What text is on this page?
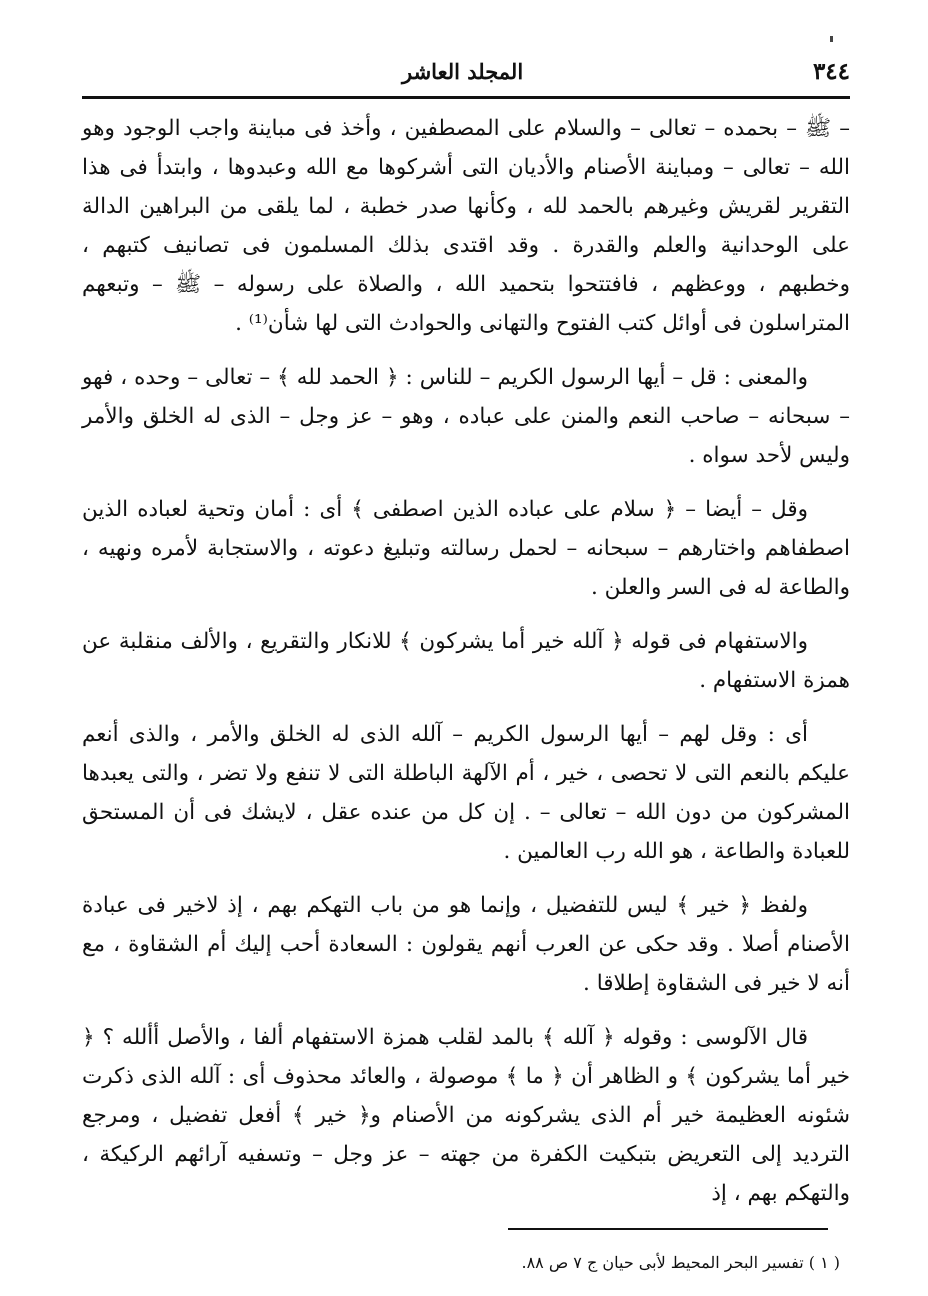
٣٤٤
المجلد العاشر

– ﷺ – بحمده – تعالى – والسلام على المصطفين ، وأخذ فى مباينة واجب الوجود وهو الله – تعالى – ومباينة الأصنام والأديان التى أشركوها مع الله وعبدوها ، وابتدأ فى هذا التقرير لقريش وغيرهم بالحمد لله ، وكأنها صدر خطبة ، لما يلقى من البراهين الدالة على الوحدانية والعلم والقدرة . وقد اقتدى بذلك المسلمون فى تصانيف كتبهم ، وخطبهم ، ووعظهم ، فافتتحوا بتحميد الله ، والصلاة على رسوله – ﷺ – وتبعهم المتراسلون فى أوائل كتب الفتوح والتهانى والحوادث التى لها شأن⁽¹⁾ .

والمعنى : قل – أيها الرسول الكريم – للناس : ﴿ الحمد لله ﴾ – تعالى – وحده ، فهو – سبحانه – صاحب النعم والمنن على عباده ، وهو – عز وجل – الذى له الخلق والأمر وليس لأحد سواه .

وقل – أيضا – ﴿ سلام على عباده الذين اصطفى ﴾ أى : أمان وتحية لعباده الذين اصطفاهم واختارهم – سبحانه – لحمل رسالته وتبليغ دعوته ، والاستجابة لأمره ونهيه ، والطاعة له فى السر والعلن .

والاستفهام فى قوله ﴿ آلله خير أما يشركون ﴾ للانكار والتقريع ، والألف منقلبة عن همزة الاستفهام .

أى : وقل لهم – أيها الرسول الكريم – آلله الذى له الخلق والأمر ، والذى أنعم عليكم بالنعم التى لا تحصى ، خير ، أم الآلهة الباطلة التى لا تنفع ولا تضر ، والتى يعبدها المشركون من دون الله – تعالى – . إن كل من عنده عقل ، لايشك فى أن المستحق للعبادة والطاعة ، هو الله رب العالمين .

ولفظ ﴿ خير ﴾ ليس للتفضيل ، وإنما هو من باب التهكم بهم ، إذ لاخير فى عبادة الأصنام أصلا . وقد حكى عن العرب أنهم يقولون : السعادة أحب إليك أم الشقاوة ، مع أنه لا خير فى الشقاوة إطلاقا .

قال الآلوسى : وقوله ﴿ آلله ﴾ بالمد لقلب همزة الاستفهام ألفا ، والأصل أألله ؟ ﴿ خير أما يشركون ﴾ و الظاهر أن ﴿ ما ﴾ موصولة ، والعائد محذوف أى : آلله الذى ذكرت شئونه العظيمة خير أم الذى يشركونه من الأصنام و﴿ خير ﴾ أفعل تفضيل ، ومرجع الترديد إلى التعريض بتبكيت الكفرة من جهته – عز وجل – وتسفيه آرائهم الركيكة ، والتهكم بهم ، إذ

( ١ ) تفسير البحر المحيط لأبى حيان ج ٧ ص ٨٨.
